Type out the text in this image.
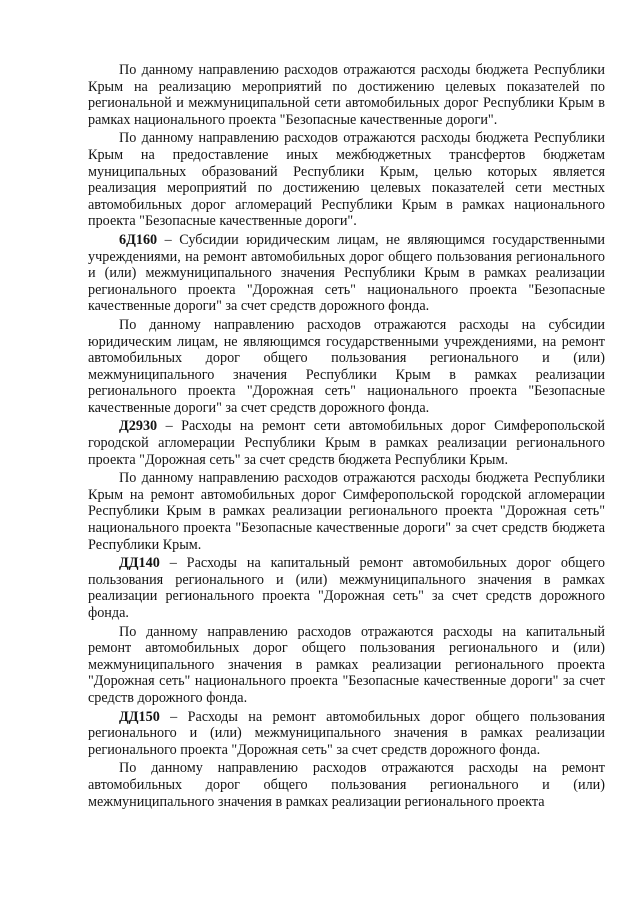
По данному направлению расходов отражаются расходы бюджета Республики Крым на реализацию мероприятий по достижению целевых показателей по региональной и межмуниципальной сети автомобильных дорог Республики Крым в рамках национального проекта "Безопасные качественные дороги".

По данному направлению расходов отражаются расходы бюджета Республики Крым на предоставление иных межбюджетных трансфертов бюджетам муниципальных образований Республики Крым, целью которых является реализация мероприятий по достижению целевых показателей сети местных автомобильных дорог агломераций Республики Крым в рамках национального проекта "Безопасные качественные дороги".

6Д160 – Субсидии юридическим лицам, не являющимся государственными учреждениями, на ремонт автомобильных дорог общего пользования регионального и (или) межмуниципального значения Республики Крым в рамках реализации регионального проекта "Дорожная сеть" национального проекта "Безопасные качественные дороги" за счет средств дорожного фонда.

По данному направлению расходов отражаются расходы на субсидии юридическим лицам, не являющимся государственными учреждениями, на ремонт автомобильных дорог общего пользования регионального и (или) межмуниципального значения Республики Крым в рамках реализации регионального проекта "Дорожная сеть" национального проекта "Безопасные качественные дороги" за счет средств дорожного фонда.

Д2930 – Расходы на ремонт сети автомобильных дорог Симферопольской городской агломерации Республики Крым в рамках реализации регионального проекта "Дорожная сеть" за счет средств бюджета Республики Крым.

По данному направлению расходов отражаются расходы бюджета Республики Крым на ремонт автомобильных дорог Симферопольской городской агломерации Республики Крым в рамках реализации регионального проекта "Дорожная сеть" национального проекта "Безопасные качественные дороги" за счет средств бюджета Республики Крым.

ДД140 – Расходы на капитальный ремонт автомобильных дорог общего пользования регионального и (или) межмуниципального значения в рамках реализации регионального проекта "Дорожная сеть" за счет средств дорожного фонда.

По данному направлению расходов отражаются расходы на капитальный ремонт автомобильных дорог общего пользования регионального и (или) межмуниципального значения в рамках реализации регионального проекта "Дорожная сеть" национального проекта "Безопасные качественные дороги" за счет средств дорожного фонда.

ДД150 – Расходы на ремонт автомобильных дорог общего пользования регионального и (или) межмуниципального значения в рамках реализации регионального проекта "Дорожная сеть" за счет средств дорожного фонда.

По данному направлению расходов отражаются расходы на ремонт автомобильных дорог общего пользования регионального и (или) межмуниципального значения в рамках реализации регионального проекта
